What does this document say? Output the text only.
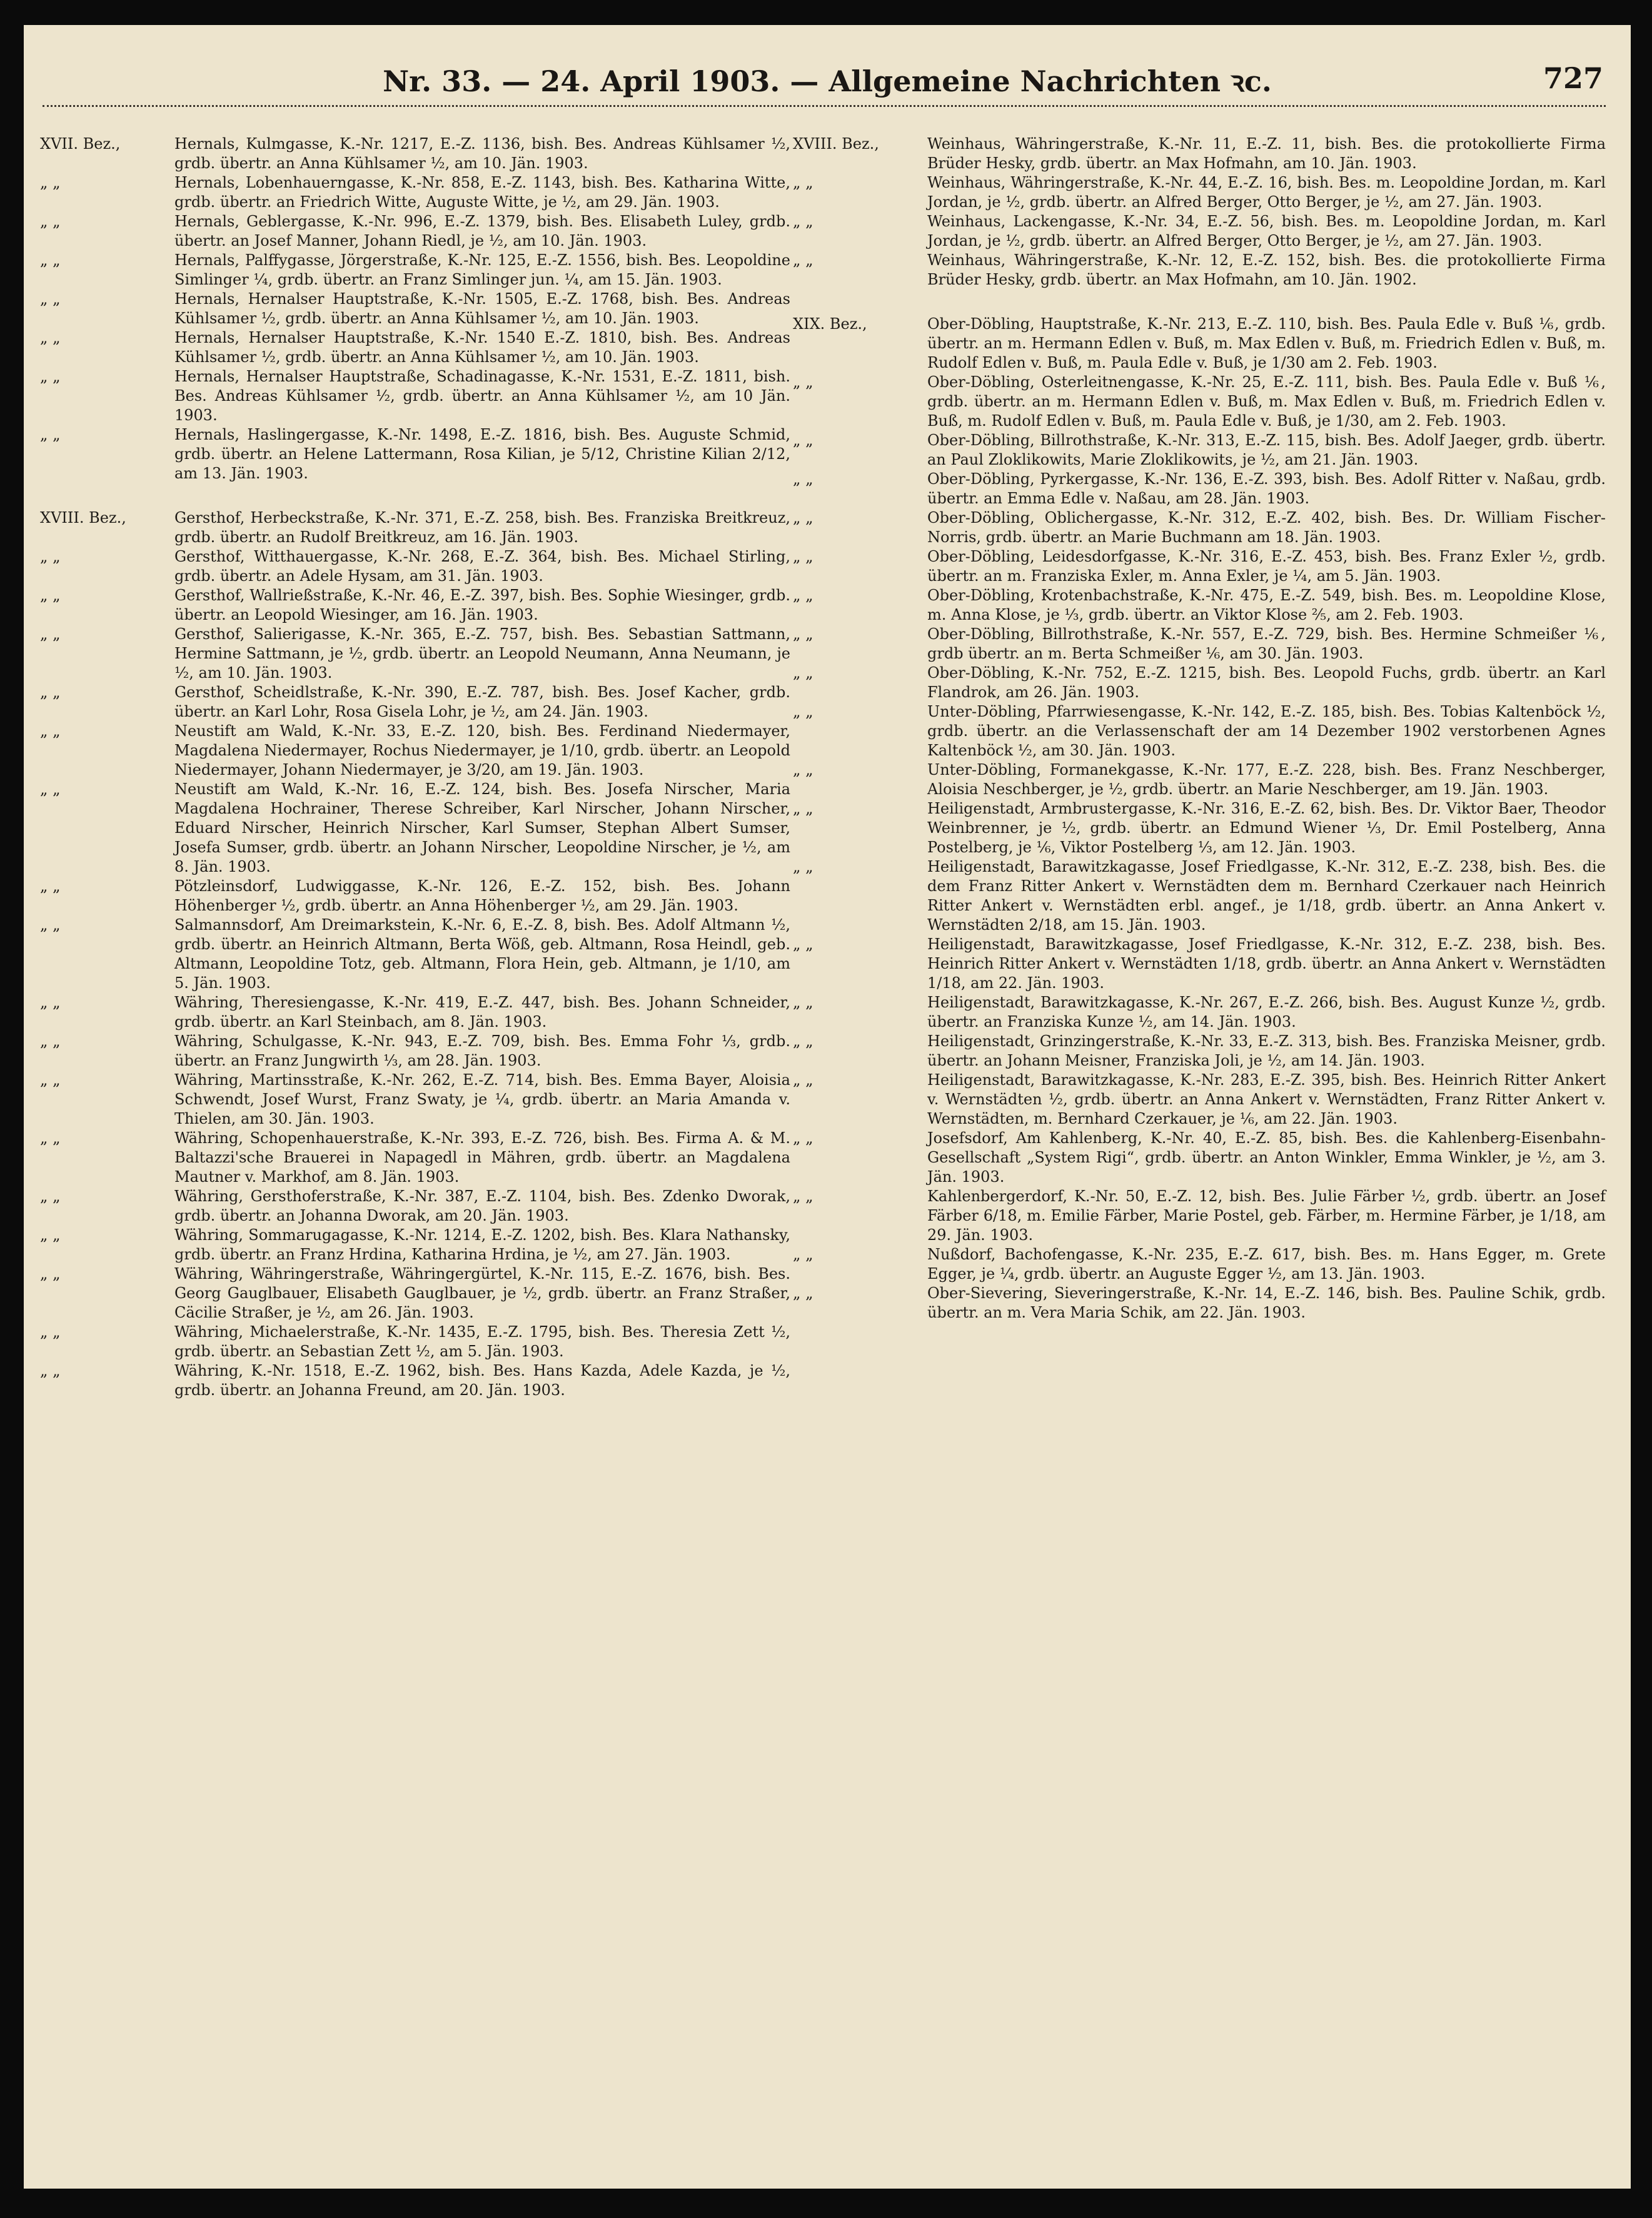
Nr. 33. — 24. April 1903. — Allgemeine Nachrichten ꝛc.	727
XVII. Bez.,	Hernals, Kulmgasse, K.-Nr. 1217, E.-Z. 1136, bish. Bes. Andreas Kühlsamer ½, grdb. übertr. an Anna Kühlsamer ½, am 10. Jän. 1903.
„ „	Hernals, Lobenhauerngasse, K.-Nr. 858, E.-Z. 1143, bish. Bes. Katharina Witte, grdb. übertr. an Friedrich Witte, Auguste Witte, je ½, am 29. Jän. 1903.
„ „	Hernals, Geblergasse, K.-Nr. 996, E.-Z. 1379, bish. Bes. Elisabeth Luley, grdb. übertr. an Josef Manner, Johann Riedl, je ½, am 10. Jän. 1903.
„ „	Hernals, Palffygasse, Jörgerstraße, K.-Nr. 125, E.-Z. 1556, bish. Bes. Leopoldine Simlinger ¼, grdb. übertr. an Franz Simlinger jun. ¼, am 15. Jän. 1903.
„ „	Hernals, Hernalser Hauptstraße, K.-Nr. 1505, E.-Z. 1768, bish. Bes. Andreas Kühlsamer ½, grdb. übertr. an Anna Kühlsamer ½, am 10. Jän. 1903.
„ „	Hernals, Hernalser Hauptstraße, K.-Nr. 1540 E.-Z. 1810, bish. Bes. Andreas Kühlsamer ½, grdb. übertr. an Anna Kühlsamer ½, am 10. Jän. 1903.
„ „	Hernals, Hernalser Hauptstraße, Schadinagasse, K.-Nr. 1531, E.-Z. 1811, bish. Bes. Andreas Kühlsamer ½, grdb. übertr. an Anna Kühlsamer ½, am 10 Jän. 1903.
„ „	Hernals, Haslingergasse, K.-Nr. 1498, E.-Z. 1816, bish. Bes. Auguste Schmid, grdb. übertr. an Helene Lattermann, Rosa Kilian, je 5/12, Christine Kilian 2/12, am 13. Jän. 1903.
XVIII. Bez.,	Gersthof, Herbeckstraße, K.-Nr. 371, E.-Z. 258, bish. Bes. Franziska Breitkreuz, grdb. übertr. an Rudolf Breitkreuz, am 16. Jän. 1903.
„ „	Gersthof, Witthauergasse, K.-Nr. 268, E.-Z. 364, bish. Bes. Michael Stirling, grdb. übertr. an Adele Hysam, am 31. Jän. 1903.
„ „	Gersthof, Wallrießstraße, K.-Nr. 46, E.-Z. 397, bish. Bes. Sophie Wiesinger, grdb. übertr. an Leopold Wiesinger, am 16. Jän. 1903.
„ „	Gersthof, Salierigasse, K.-Nr. 365, E.-Z. 757, bish. Bes. Sebastian Sattmann, Hermine Sattmann, je ½, grdb. übertr. an Leopold Neumann, Anna Neumann, je ½, am 10. Jän. 1903.
„ „	Gersthof, Scheidlstraße, K.-Nr. 390, E.-Z. 787, bish. Bes. Josef Kacher, grdb. übertr. an Karl Lohr, Rosa Gisela Lohr, je ½, am 24. Jän. 1903.
„ „	Neustift am Wald, K.-Nr. 33, E.-Z. 120, bish. Bes. Ferdinand Niedermayer, Magdalena Niedermayer, Rochus Niedermayer, je 1/10, grdb. übertr. an Leopold Niedermayer, Johann Niedermayer, je 3/20, am 19. Jän. 1903.
„ „	Neustift am Wald, K.-Nr. 16, E.-Z. 124, bish. Bes. Josefa Nirscher, Maria Magdalena Hochrainer, Therese Schreiber, Karl Nirscher, Johann Nirscher, Eduard Nirscher, Heinrich Nirscher, Karl Sumser, Stephan Albert Sumser, Josefa Sumser, grdb. übertr. an Johann Nirscher, Leopoldine Nirscher, je ½, am 8. Jän. 1903.
„ „	Pötzleinsdorf, Ludwiggasse, K.-Nr. 126, E.-Z. 152, bish. Bes. Johann Höhenberger ½, grdb. übertr. an Anna Höhenberger ½, am 29. Jän. 1903.
„ „	Salmannsdorf, Am Dreimarkstein, K.-Nr. 6, E.-Z. 8, bish. Bes. Adolf Altmann ½, grdb. übertr. an Heinrich Altmann, Berta Wöß, geb. Altmann, Rosa Heindl, geb. Altmann, Leopoldine Totz, geb. Altmann, Flora Hein, geb. Altmann, je 1/10, am 5. Jän. 1903.
„ „	Währing, Theresiengasse, K.-Nr. 419, E.-Z. 447, bish. Bes. Johann Schneider, grdb. übertr. an Karl Steinbach, am 8. Jän. 1903.
„ „	Währing, Schulgasse, K.-Nr. 943, E.-Z. 709, bish. Bes. Emma Fohr ⅓, grdb. übertr. an Franz Jungwirth ⅓, am 28. Jän. 1903.
„ „	Währing, Martinsstraße, K.-Nr. 262, E.-Z. 714, bish. Bes. Emma Bayer, Aloisia Schwendt, Josef Wurst, Franz Swaty, je ¼, grdb. übertr. an Maria Amanda v. Thielen, am 30. Jän. 1903.
„ „	Währing, Schopenhauerstraße, K.-Nr. 393, E.-Z. 726, bish. Bes. Firma A. & M. Baltazzi'sche Brauerei in Napagedl in Mähren, grdb. übertr. an Magdalena Mautner v. Markhof, am 8. Jän. 1903.
„ „	Währing, Gersthoferstraße, K.-Nr. 387, E.-Z. 1104, bish. Bes. Zdenko Dworak, grdb. übertr. an Johanna Dworak, am 20. Jän. 1903.
„ „	Währing, Sommarugagasse, K.-Nr. 1214, E.-Z. 1202, bish. Bes. Klara Nathansky, grdb. übertr. an Franz Hrdina, Katharina Hrdina, je ½, am 27. Jän. 1903.
„ „	Währing, Währingerstraße, Währingergürtel, K.-Nr. 115, E.-Z. 1676, bish. Bes. Georg Gauglbauer, Elisabeth Gauglbauer, je ½, grdb. übertr. an Franz Straßer, Cäcilie Straßer, je ½, am 26. Jän. 1903.
„ „	Währing, Michaelerstraße, K.-Nr. 1435, E.-Z. 1795, bish. Bes. Theresia Zett ½, grdb. übertr. an Sebastian Zett ½, am 5. Jän. 1903.
„ „	Währing, K.-Nr. 1518, E.-Z. 1962, bish. Bes. Hans Kazda, Adele Kazda, je ½, grdb. übertr. an Johanna Freund, am 20. Jän. 1903.
XVIII. Bez.,	Weinhaus, Währingerstraße, K.-Nr. 11, E.-Z. 11, bish. Bes. die protokollierte Firma Brüder Hesky, grdb. übertr. an Max Hofmahn, am 10. Jän. 1903.
„ „	Weinhaus, Währingerstraße, K.-Nr. 44, E.-Z. 16, bish. Bes. m. Leopoldine Jordan, m. Karl Jordan, je ½, grdb. übertr. an Alfred Berger, Otto Berger, je ½, am 27. Jän. 1903.
„ „	Weinhaus, Lackengasse, K.-Nr. 34, E.-Z. 56, bish. Bes. m. Leopoldine Jordan, m. Karl Jordan, je ½, grdb. übertr. an Alfred Berger, Otto Berger, je ½, am 27. Jän. 1903.
„ „	Weinhaus, Währingerstraße, K.-Nr. 12, E.-Z. 152, bish. Bes. die protokollierte Firma Brüder Hesky, grdb. übertr. an Max Hofmahn, am 10. Jän. 1902.
XIX. Bez.,	Ober-Döbling, Hauptstraße, K.-Nr. 213, E.-Z. 110, bish. Bes. Paula Edle v. Buß ⅙, grdb. übertr. an m. Hermann Edlen v. Buß, m. Max Edlen v. Buß, m. Friedrich Edlen v. Buß, m. Rudolf Edlen v. Buß, m. Paula Edle v. Buß, je 1/30 am 2. Feb. 1903.
„ „	Ober-Döbling, Osterleitnengasse, K.-Nr. 25, E.-Z. 111, bish. Bes. Paula Edle v. Buß ⅙, grdb. übertr. an m. Hermann Edlen v. Buß, m. Max Edlen v. Buß, m. Friedrich Edlen v. Buß, m. Rudolf Edlen v. Buß, m. Paula Edle v. Buß, je 1/30, am 2. Feb. 1903.
„ „	Ober-Döbling, Billrothstraße, K.-Nr. 313, E.-Z. 115, bish. Bes. Adolf Jaeger, grdb. übertr. an Paul Zloklikowits, Marie Zloklikowits, je ½, am 21. Jän. 1903.
„ „	Ober-Döbling, Pyrkergasse, K.-Nr. 136, E.-Z. 393, bish. Bes. Adolf Ritter v. Naßau, grdb. übertr. an Emma Edle v. Naßau, am 28. Jän. 1903.
„ „	Ober-Döbling, Oblichergasse, K.-Nr. 312, E.-Z. 402, bish. Bes. Dr. William Fischer-Norris, grdb. übertr. an Marie Buchmann am 18. Jän. 1903.
„ „	Ober-Döbling, Leidesdorfgasse, K.-Nr. 316, E.-Z. 453, bish. Bes. Franz Exler ½, grdb. übertr. an m. Franziska Exler, m. Anna Exler, je ¼, am 5. Jän. 1903.
„ „	Ober-Döbling, Krotenbachstraße, K.-Nr. 475, E.-Z. 549, bish. Bes. m. Leopoldine Klose, m. Anna Klose, je ⅓, grdb. übertr. an Viktor Klose ⅖, am 2. Feb. 1903.
„ „	Ober-Döbling, Billrothstraße, K.-Nr. 557, E.-Z. 729, bish. Bes. Hermine Schmeißer ⅙, grdb übertr. an m. Berta Schmeißer ⅙, am 30. Jän. 1903.
„ „	Ober-Döbling, K.-Nr. 752, E.-Z. 1215, bish. Bes. Leopold Fuchs, grdb. übertr. an Karl Flandrok, am 26. Jän. 1903.
„ „	Unter-Döbling, Pfarrwiesengasse, K.-Nr. 142, E.-Z. 185, bish. Bes. Tobias Kaltenböck ½, grdb. übertr. an die Verlassenschaft der am 14 Dezember 1902 verstorbenen Agnes Kaltenböck ½, am 30. Jän. 1903.
„ „	Unter-Döbling, Formanekgasse, K.-Nr. 177, E.-Z. 228, bish. Bes. Franz Neschberger, Aloisia Neschberger, je ½, grdb. übertr. an Marie Neschberger, am 19. Jän. 1903.
„ „	Heiligenstadt, Armbrustergasse, K.-Nr. 316, E.-Z. 62, bish. Bes. Dr. Viktor Baer, Theodor Weinbrenner, je ½, grdb. übertr. an Edmund Wiener ⅓, Dr. Emil Postelberg, Anna Postelberg, je ⅙, Viktor Postelberg ⅓, am 12. Jän. 1903.
„ „	Heiligenstadt, Barawitzkagasse, Josef Friedlgasse, K.-Nr. 312, E.-Z. 238, bish. Bes. die dem Franz Ritter Ankert v. Wernstädten dem m. Bernhard Czerkauer nach Heinrich Ritter Ankert v. Wernstädten erbl. angef., je 1/18, grdb. übertr. an Anna Ankert v. Wernstädten 2/18, am 15. Jän. 1903.
„ „	Heiligenstadt, Barawitzkagasse, Josef Friedlgasse, K.-Nr. 312, E.-Z. 238, bish. Bes. Heinrich Ritter Ankert v. Wernstädten 1/18, grdb. übertr. an Anna Ankert v. Wernstädten 1/18, am 22. Jän. 1903.
„ „	Heiligenstadt, Barawitzkagasse, K.-Nr. 267, E.-Z. 266, bish. Bes. August Kunze ½, grdb. übertr. an Franziska Kunze ½, am 14. Jän. 1903.
„ „	Heiligenstadt, Grinzingerstraße, K.-Nr. 33, E.-Z. 313, bish. Bes. Franziska Meisner, grdb. übertr. an Johann Meisner, Franziska Joli, je ½, am 14. Jän. 1903.
„ „	Heiligenstadt, Barawitzkagasse, K.-Nr. 283, E.-Z. 395, bish. Bes. Heinrich Ritter Ankert v. Wernstädten ½, grdb. übertr. an Anna Ankert v. Wernstädten, Franz Ritter Ankert v. Wernstädten, m. Bernhard Czerkauer, je ⅙, am 22. Jän. 1903.
„ „	Josefsdorf, Am Kahlenberg, K.-Nr. 40, E.-Z. 85, bish. Bes. die Kahlenberg-Eisenbahn-Gesellschaft „System Rigi“, grdb. übertr. an Anton Winkler, Emma Winkler, je ½, am 3. Jän. 1903.
„ „	Kahlenbergerdorf, K.-Nr. 50, E.-Z. 12, bish. Bes. Julie Färber ½, grdb. übertr. an Josef Färber 6/18, m. Emilie Färber, Marie Postel, geb. Färber, m. Hermine Färber, je 1/18, am 29. Jän. 1903.
„ „	Nußdorf, Bachofengasse, K.-Nr. 235, E.-Z. 617, bish. Bes. m. Hans Egger, m. Grete Egger, je ¼, grdb. übertr. an Auguste Egger ½, am 13. Jän. 1903.
„ „	Ober-Sievering, Sieveringerstraße, K.-Nr. 14, E.-Z. 146, bish. Bes. Pauline Schik, grdb. übertr. an m. Vera Maria Schik, am 22. Jän. 1903.
